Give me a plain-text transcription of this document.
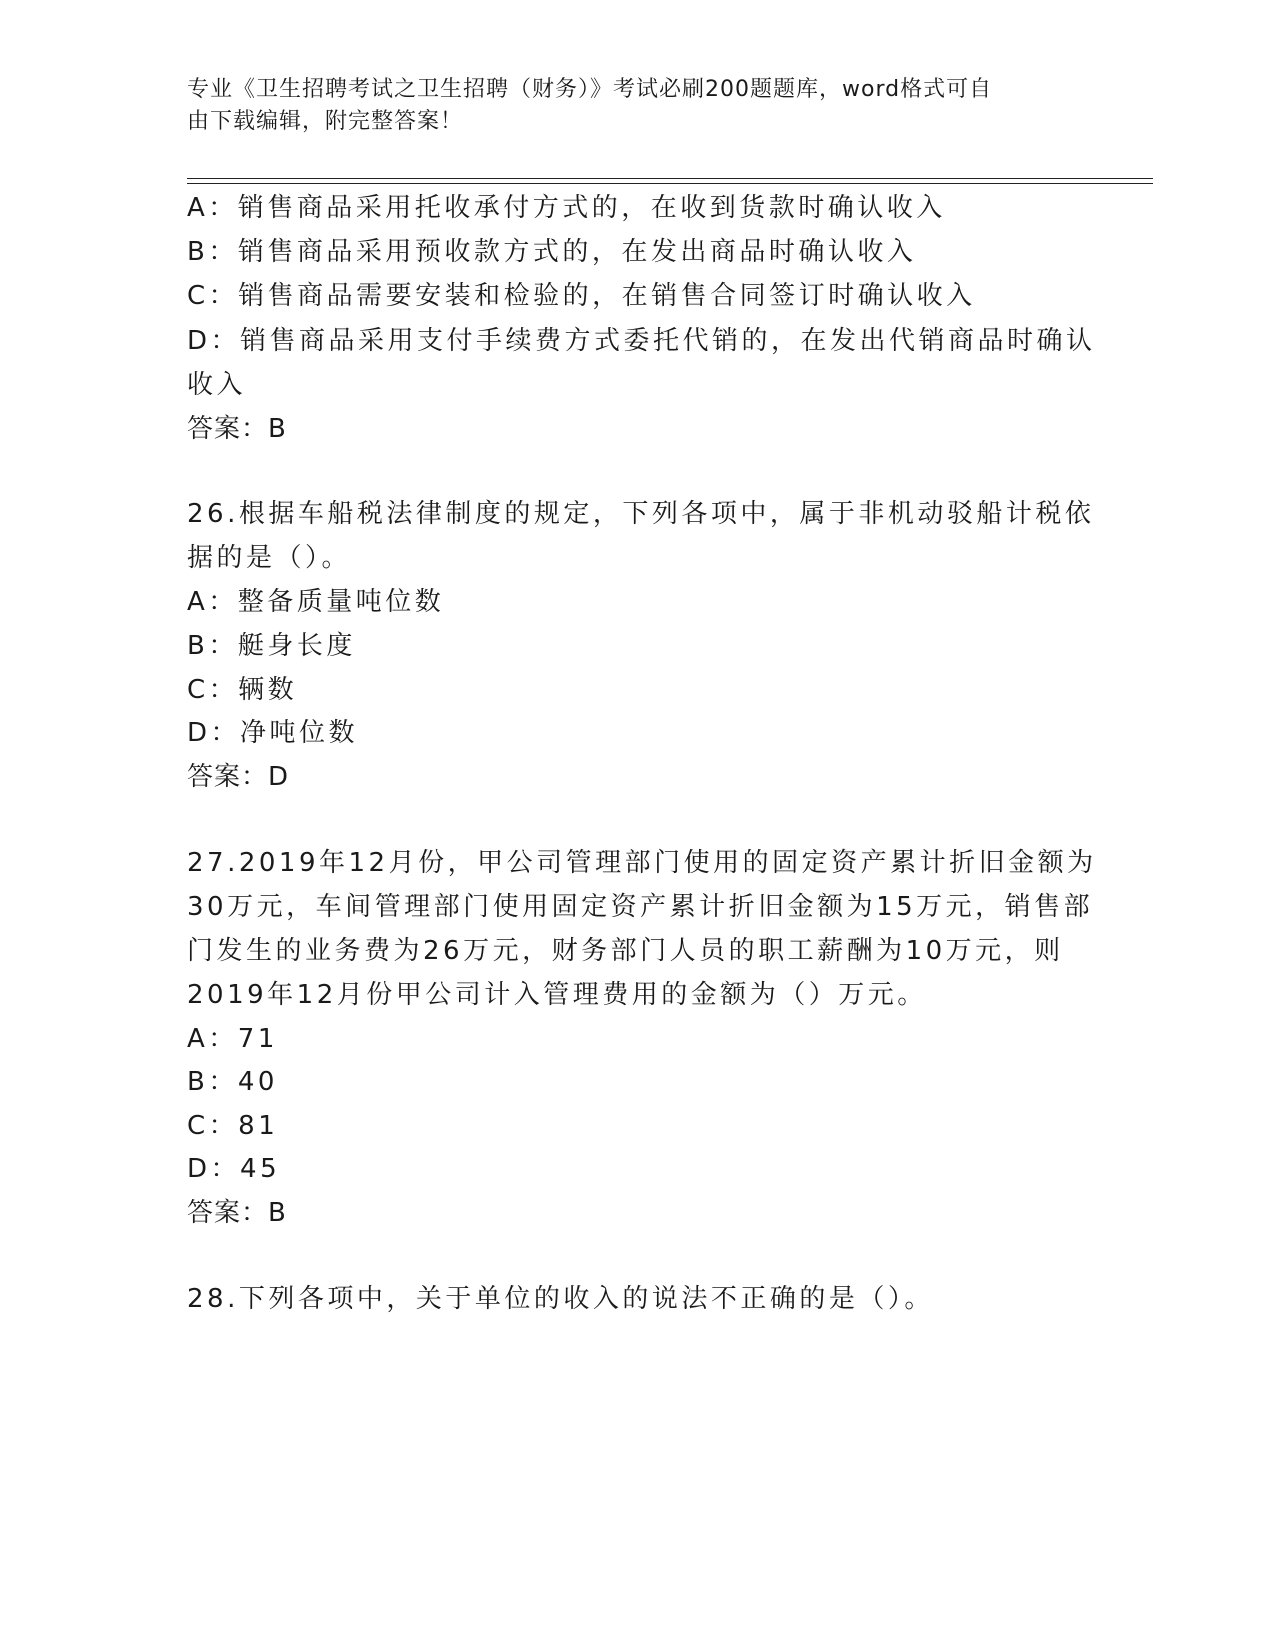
专业《卫生招聘考试之卫生招聘（财务）》考试必刷200题题库，word格式可自
由下载编辑，附完整答案！
A：销售商品采用托收承付方式的，在收到货款时确认收入
B：销售商品采用预收款方式的，在发出商品时确认收入
C：销售商品需要安装和检验的，在销售合同签订时确认收入
D：销售商品采用支付手续费方式委托代销的，在发出代销商品时确认
收入
答案：B
26.根据车船税法律制度的规定，下列各项中，属于非机动驳船计税依
据的是（）。
A：整备质量吨位数
B：艇身长度
C：辆数
D：净吨位数
答案：D
27.2019年12月份，甲公司管理部门使用的固定资产累计折旧金额为
30万元，车间管理部门使用固定资产累计折旧金额为15万元，销售部
门发生的业务费为26万元，财务部门人员的职工薪酬为10万元，则
2019年12月份甲公司计入管理费用的金额为（）万元。
A：71
B：40
C：81
D：45
答案：B
28.下列各项中，关于单位的收入的说法不正确的是（）。
